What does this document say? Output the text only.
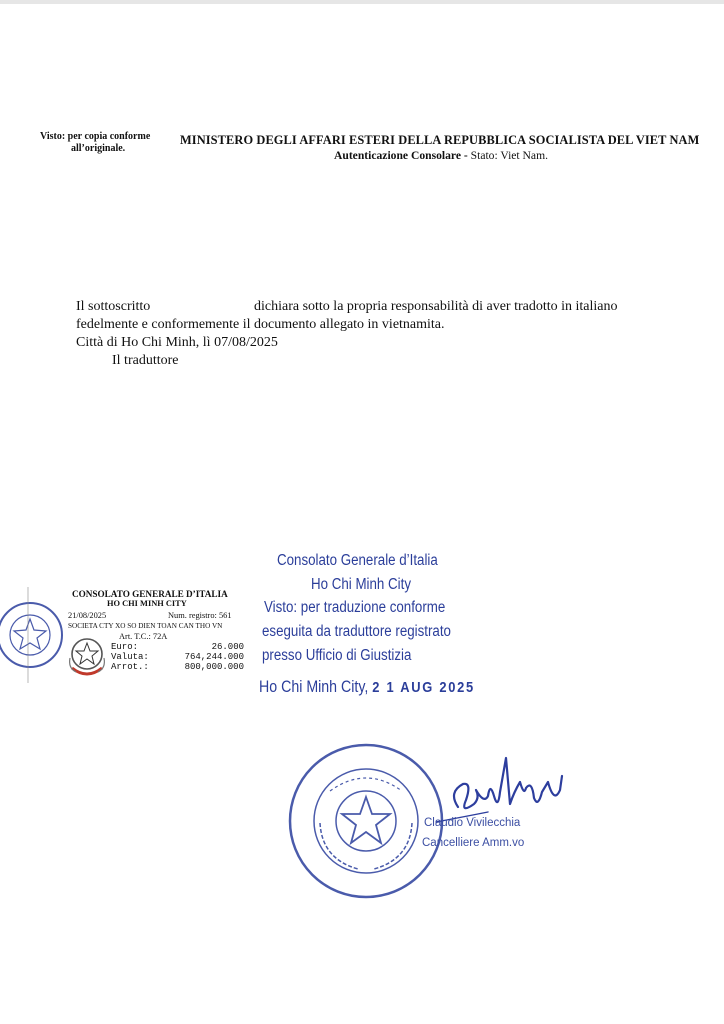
Visto: per copia conforme
all’originale.
MINISTERO DEGLI AFFARI ESTERI DELLA REPUBBLICA SOCIALISTA DEL VIET NAM
Autenticazione Consolare - Stato: Viet Nam.
Il sottoscritto	dichiara sotto la propria responsabilità di aver tradotto in italiano
fedelmente e conformemente il documento allegato in vietnamita.
Città di Ho Chi Minh, lì 07/08/2025
Il traduttore
Consolato Generale d’Italia
Ho Chi Minh City
Visto: per traduzione conforme
eseguita da traduttore registrato
presso Ufficio di Giustizia
Ho Chi Minh City, 2 1 AUG 2025
CONSOLATO GENERALE D’ITALIA
HO CHI MINH CITY
21/08/2025	Num. registro: 561
SOCIETA CTY XO SO DIEN TOAN CAN THO VN
Art. T.C.: 72A
Euro:	26.000
Valuta:	764,244.000
Arrot.:	800,000.000
Claudio Vivilecchia
Cancelliere Amm.vo
